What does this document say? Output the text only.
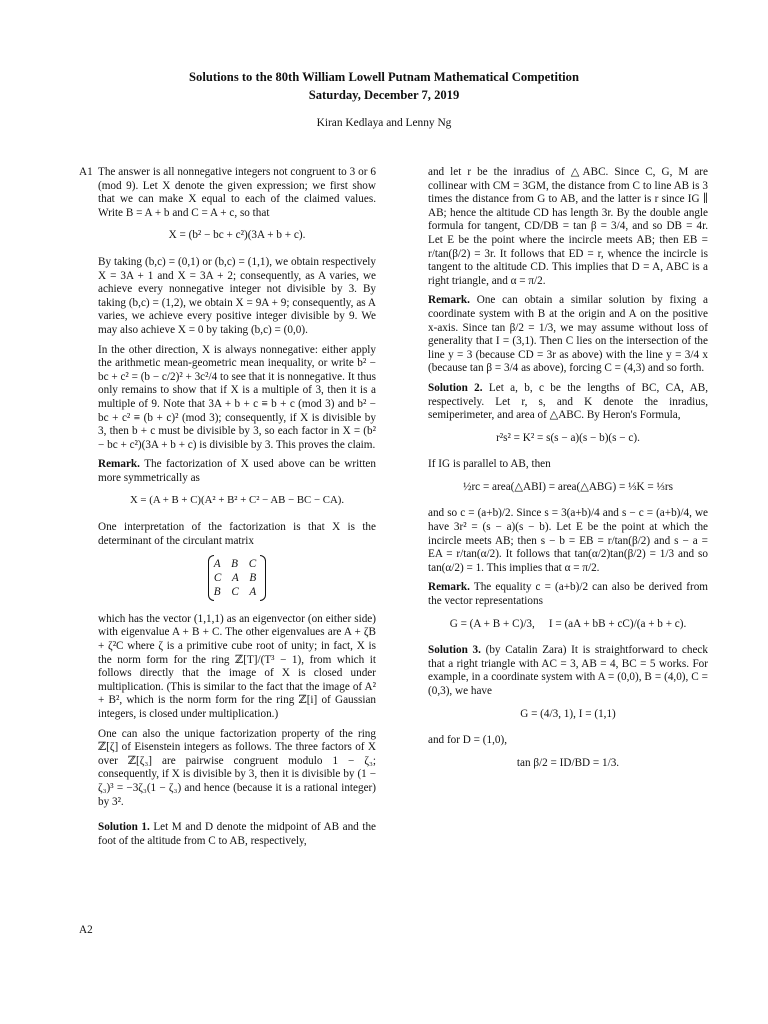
Solutions to the 80th William Lowell Putnam Mathematical Competition
Saturday, December 7, 2019
Kiran Kedlaya and Lenny Ng
A1
A2

The answer is all nonnegative integers not congruent to 3 or 6 (mod 9). Let X denote the given expression; we first show that we can make X equal to each of the claimed values. Write B = A + b and C = A + c, so that

X = (b² − bc + c²)(3A + b + c).

By taking (b,c) = (0,1) or (b,c) = (1,1), we obtain respectively X = 3A + 1 and X = 3A + 2; consequently, as A varies, we achieve every nonnegative integer not divisible by 3. By taking (b,c) = (1,2), we obtain X = 9A + 9; consequently, as A varies, we achieve every positive integer divisible by 9. We may also achieve X = 0 by taking (b,c) = (0,0).

In the other direction, X is always nonnegative: either apply the arithmetic mean-geometric mean inequality, or write b² − bc + c² = (b − c/2)² + 3c²/4 to see that it is nonnegative. It thus only remains to show that if X is a multiple of 3, then it is a multiple of 9. Note that 3A + b + c ≡ b + c (mod 3) and b² − bc + c² ≡ (b + c)² (mod 3); consequently, if X is divisible by 3, then b + c must be divisible by 3, so each factor in X = (b² − bc + c²)(3A + b + c) is divisible by 3. This proves the claim.

Remark. The factorization of X used above can be written more symmetrically as

X = (A + B + C)(A² + B² + C² − AB − BC − CA).

One interpretation of the factorization is that X is the determinant of the circulant matrix

A B C
C A B
B C A

which has the vector (1,1,1) as an eigenvector (on either side) with eigenvalue A + B + C. The other eigenvalues are A + ζB + ζ²C where ζ is a primitive cube root of unity; in fact, X is the norm form for the ring ℤ[T]/(T³ − 1), from which it follows directly that the image of X is closed under multiplication. (This is similar to the fact that the image of A² + B², which is the norm form for the ring ℤ[i] of Gaussian integers, is closed under multiplication.)

One can also the unique factorization property of the ring ℤ[ζ] of Eisenstein integers as follows. The three factors of X over ℤ[ζ₃] are pairwise congruent modulo 1 − ζ₃; consequently, if X is divisible by 3, then it is divisible by (1 − ζ₃)³ = −3ζ₃(1 − ζ₃) and hence (because it is a rational integer) by 3².

Solution 1. Let M and D denote the midpoint of AB and the foot of the altitude from C to AB, respectively,

and let r be the inradius of △ABC. Since C, G, M are collinear with CM = 3GM, the distance from C to line AB is 3 times the distance from G to AB, and the latter is r since IG ∥ AB; hence the altitude CD has length 3r. By the double angle formula for tangent, CD/DB = tan β = 3/4, and so DB = 4r. Let E be the point where the incircle meets AB; then EB = r/tan(β/2) = 3r. It follows that ED = r, whence the incircle is tangent to the altitude CD. This implies that D = A, ABC is a right triangle, and α = π/2.

Remark. One can obtain a similar solution by fixing a coordinate system with B at the origin and A on the positive x-axis. Since tan β/2 = 1/3, we may assume without loss of generality that I = (3,1). Then C lies on the intersection of the line y = 3 (because CD = 3r as above) with the line y = 3/4 x (because tan β = 3/4 as above), forcing C = (4,3) and so forth.

Solution 2. Let a, b, c be the lengths of BC, CA, AB, respectively. Let r, s, and K denote the inradius, semiperimeter, and area of △ABC. By Heron's Formula,

r²s² = K² = s(s − a)(s − b)(s − c).

If IG is parallel to AB, then

½rc = area(△ABI) = area(△ABG) = ⅓K = ⅓rs

and so c = (a+b)/2. Since s = 3(a+b)/4 and s − c = (a+b)/4, we have 3r² = (s − a)(s − b). Let E be the point at which the incircle meets AB; then s − b = EB = r/tan(β/2) and s − a = EA = r/tan(α/2). It follows that tan(α/2)tan(β/2) = 1/3 and so tan(α/2) = 1. This implies that α = π/2.

Remark. The equality c = (a+b)/2 can also be derived from the vector representations

G = (A + B + C)/3, I = (aA + bB + cC)/(a + b + c).

Solution 3. (by Catalin Zara) It is straightforward to check that a right triangle with AC = 3, AB = 4, BC = 5 works. For example, in a coordinate system with A = (0,0), B = (4,0), C = (0,3), we have

G = (4/3, 1), I = (1,1)

and for D = (1,0),

tan β/2 = ID/BD = 1/3.
